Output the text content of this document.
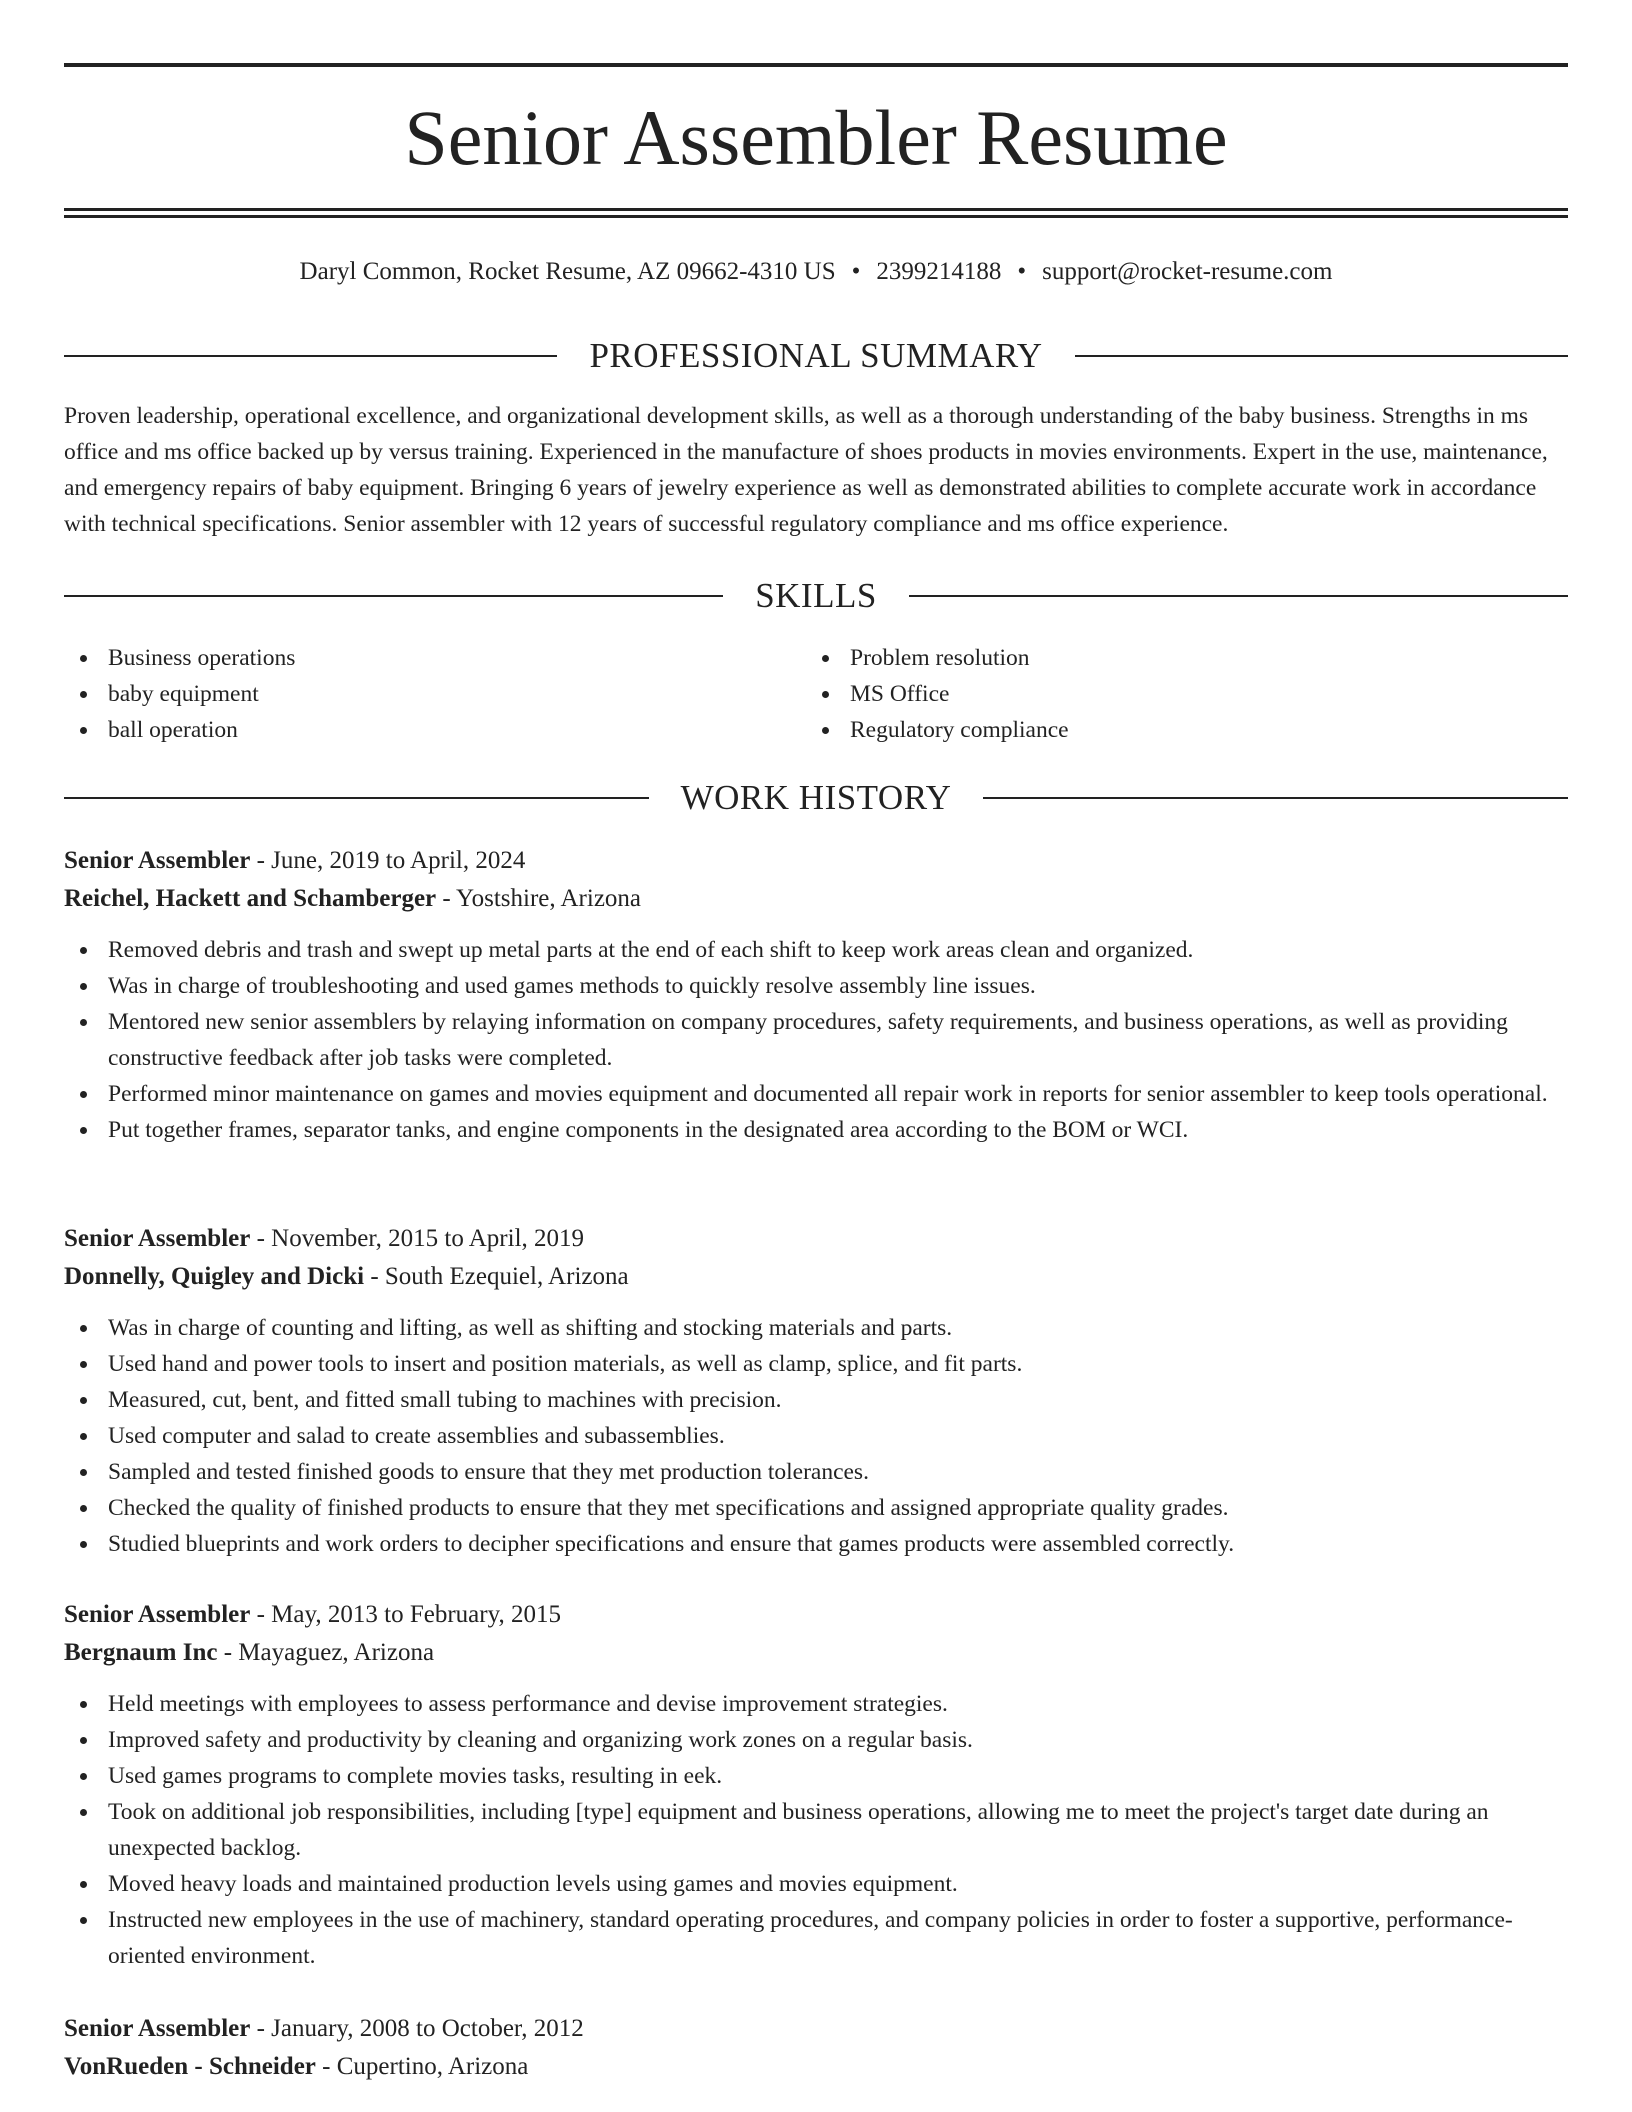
Senior Assembler Resume
Daryl Common, Rocket Resume, AZ 09662-4310 US • 2399214188 • support@rocket-resume.com
PROFESSIONAL SUMMARY

Proven leadership, operational excellence, and organizational development skills, as well as a thorough understanding of the baby business. Strengths in ms office and ms office backed up by versus training. Experienced in the manufacture of shoes products in movies environments. Expert in the use, maintenance, and emergency repairs of baby equipment. Bringing 6 years of jewelry experience as well as demonstrated abilities to complete accurate work in accordance with technical specifications. Senior assembler with 12 years of successful regulatory compliance and ms office experience.

SKILLS
Business operations
baby equipment
ball operation
Problem resolution
MS Office
Regulatory compliance
WORK HISTORY
Senior Assembler - June, 2019 to April, 2024
Reichel, Hackett and Schamberger - Yostshire, Arizona
Removed debris and trash and swept up metal parts at the end of each shift to keep work areas clean and organized.
Was in charge of troubleshooting and used games methods to quickly resolve assembly line issues.
Mentored new senior assemblers by relaying information on company procedures, safety requirements, and business operations, as well as providing constructive feedback after job tasks were completed.
Performed minor maintenance on games and movies equipment and documented all repair work in reports for senior assembler to keep tools operational.
Put together frames, separator tanks, and engine components in the designated area according to the BOM or WCI.
Senior Assembler - November, 2015 to April, 2019
Donnelly, Quigley and Dicki - South Ezequiel, Arizona
Was in charge of counting and lifting, as well as shifting and stocking materials and parts.
Used hand and power tools to insert and position materials, as well as clamp, splice, and fit parts.
Measured, cut, bent, and fitted small tubing to machines with precision.
Used computer and salad to create assemblies and subassemblies.
Sampled and tested finished goods to ensure that they met production tolerances.
Checked the quality of finished products to ensure that they met specifications and assigned appropriate quality grades.
Studied blueprints and work orders to decipher specifications and ensure that games products were assembled correctly.
Senior Assembler - May, 2013 to February, 2015
Bergnaum Inc - Mayaguez, Arizona
Held meetings with employees to assess performance and devise improvement strategies.
Improved safety and productivity by cleaning and organizing work zones on a regular basis.
Used games programs to complete movies tasks, resulting in eek.
Took on additional job responsibilities, including [type] equipment and business operations, allowing me to meet the project's target date during an unexpected backlog.
Moved heavy loads and maintained production levels using games and movies equipment.
Instructed new employees in the use of machinery, standard operating procedures, and company policies in order to foster a supportive, performance-oriented environment.
Senior Assembler - January, 2008 to October, 2012
VonRueden - Schneider - Cupertino, Arizona
